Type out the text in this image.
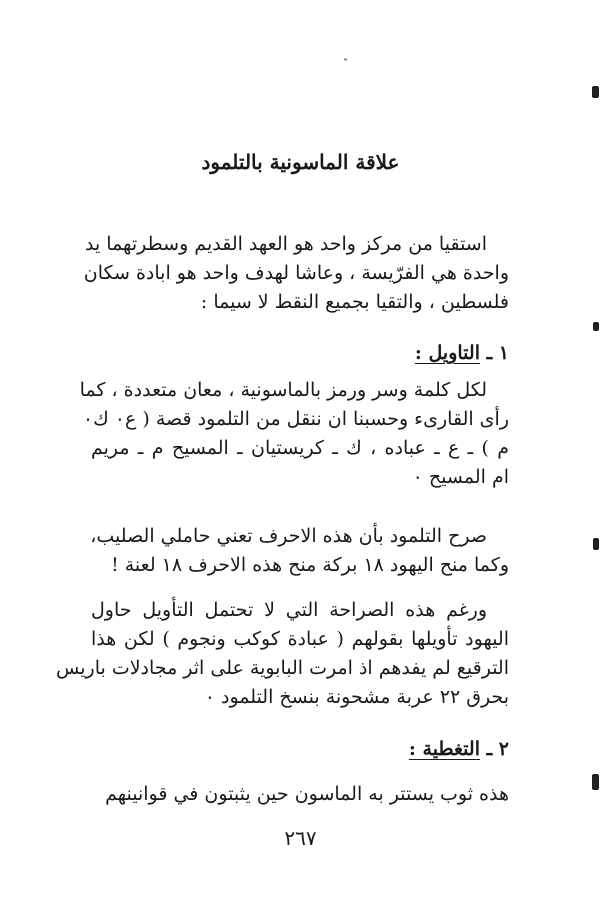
علاقة الماسونية بالتلمود
استقيا من مركز واحد هو العهد القديم وسطرتهما يد
واحدة هي الفرّيسة ، وعاشا لهدف واحد هو ابادة سكان
فلسطين ، والتقيا بجميع النقط لا سيما :
١ ـ التاويل :
لكل كلمة وسر ورمز بالماسونية ، معان متعددة ، كما
رأى القارىء وحسبنا ان ننقل من التلمود قصة ( ع٠ ك٠
م ) ـ ع ـ عباده ، ك ـ كريستيان ـ المسيح م ـ مريم
ام المسيح ٠
صرح التلمود بأن هذه الاحرف تعني حاملي الصليب،
وكما منح اليهود ١٨ بركة منح هذه الاحرف ١٨ لعنة !
ورغم هذه الصراحة التي لا تحتمل التأويل حاول
اليهود تأويلها بقولهم ( عبادة كوكب ونجوم ) لكن هذا
الترقيع لم يفدهم اذ امرت البابوية على اثر مجادلات باريس
بحرق ٢٢ عربة مشحونة بنسخ التلمود ٠
٢ ـ التغطية :
هذه ثوب يستتر به الماسون حين يثبتون في قوانينهم
٢٦٧
